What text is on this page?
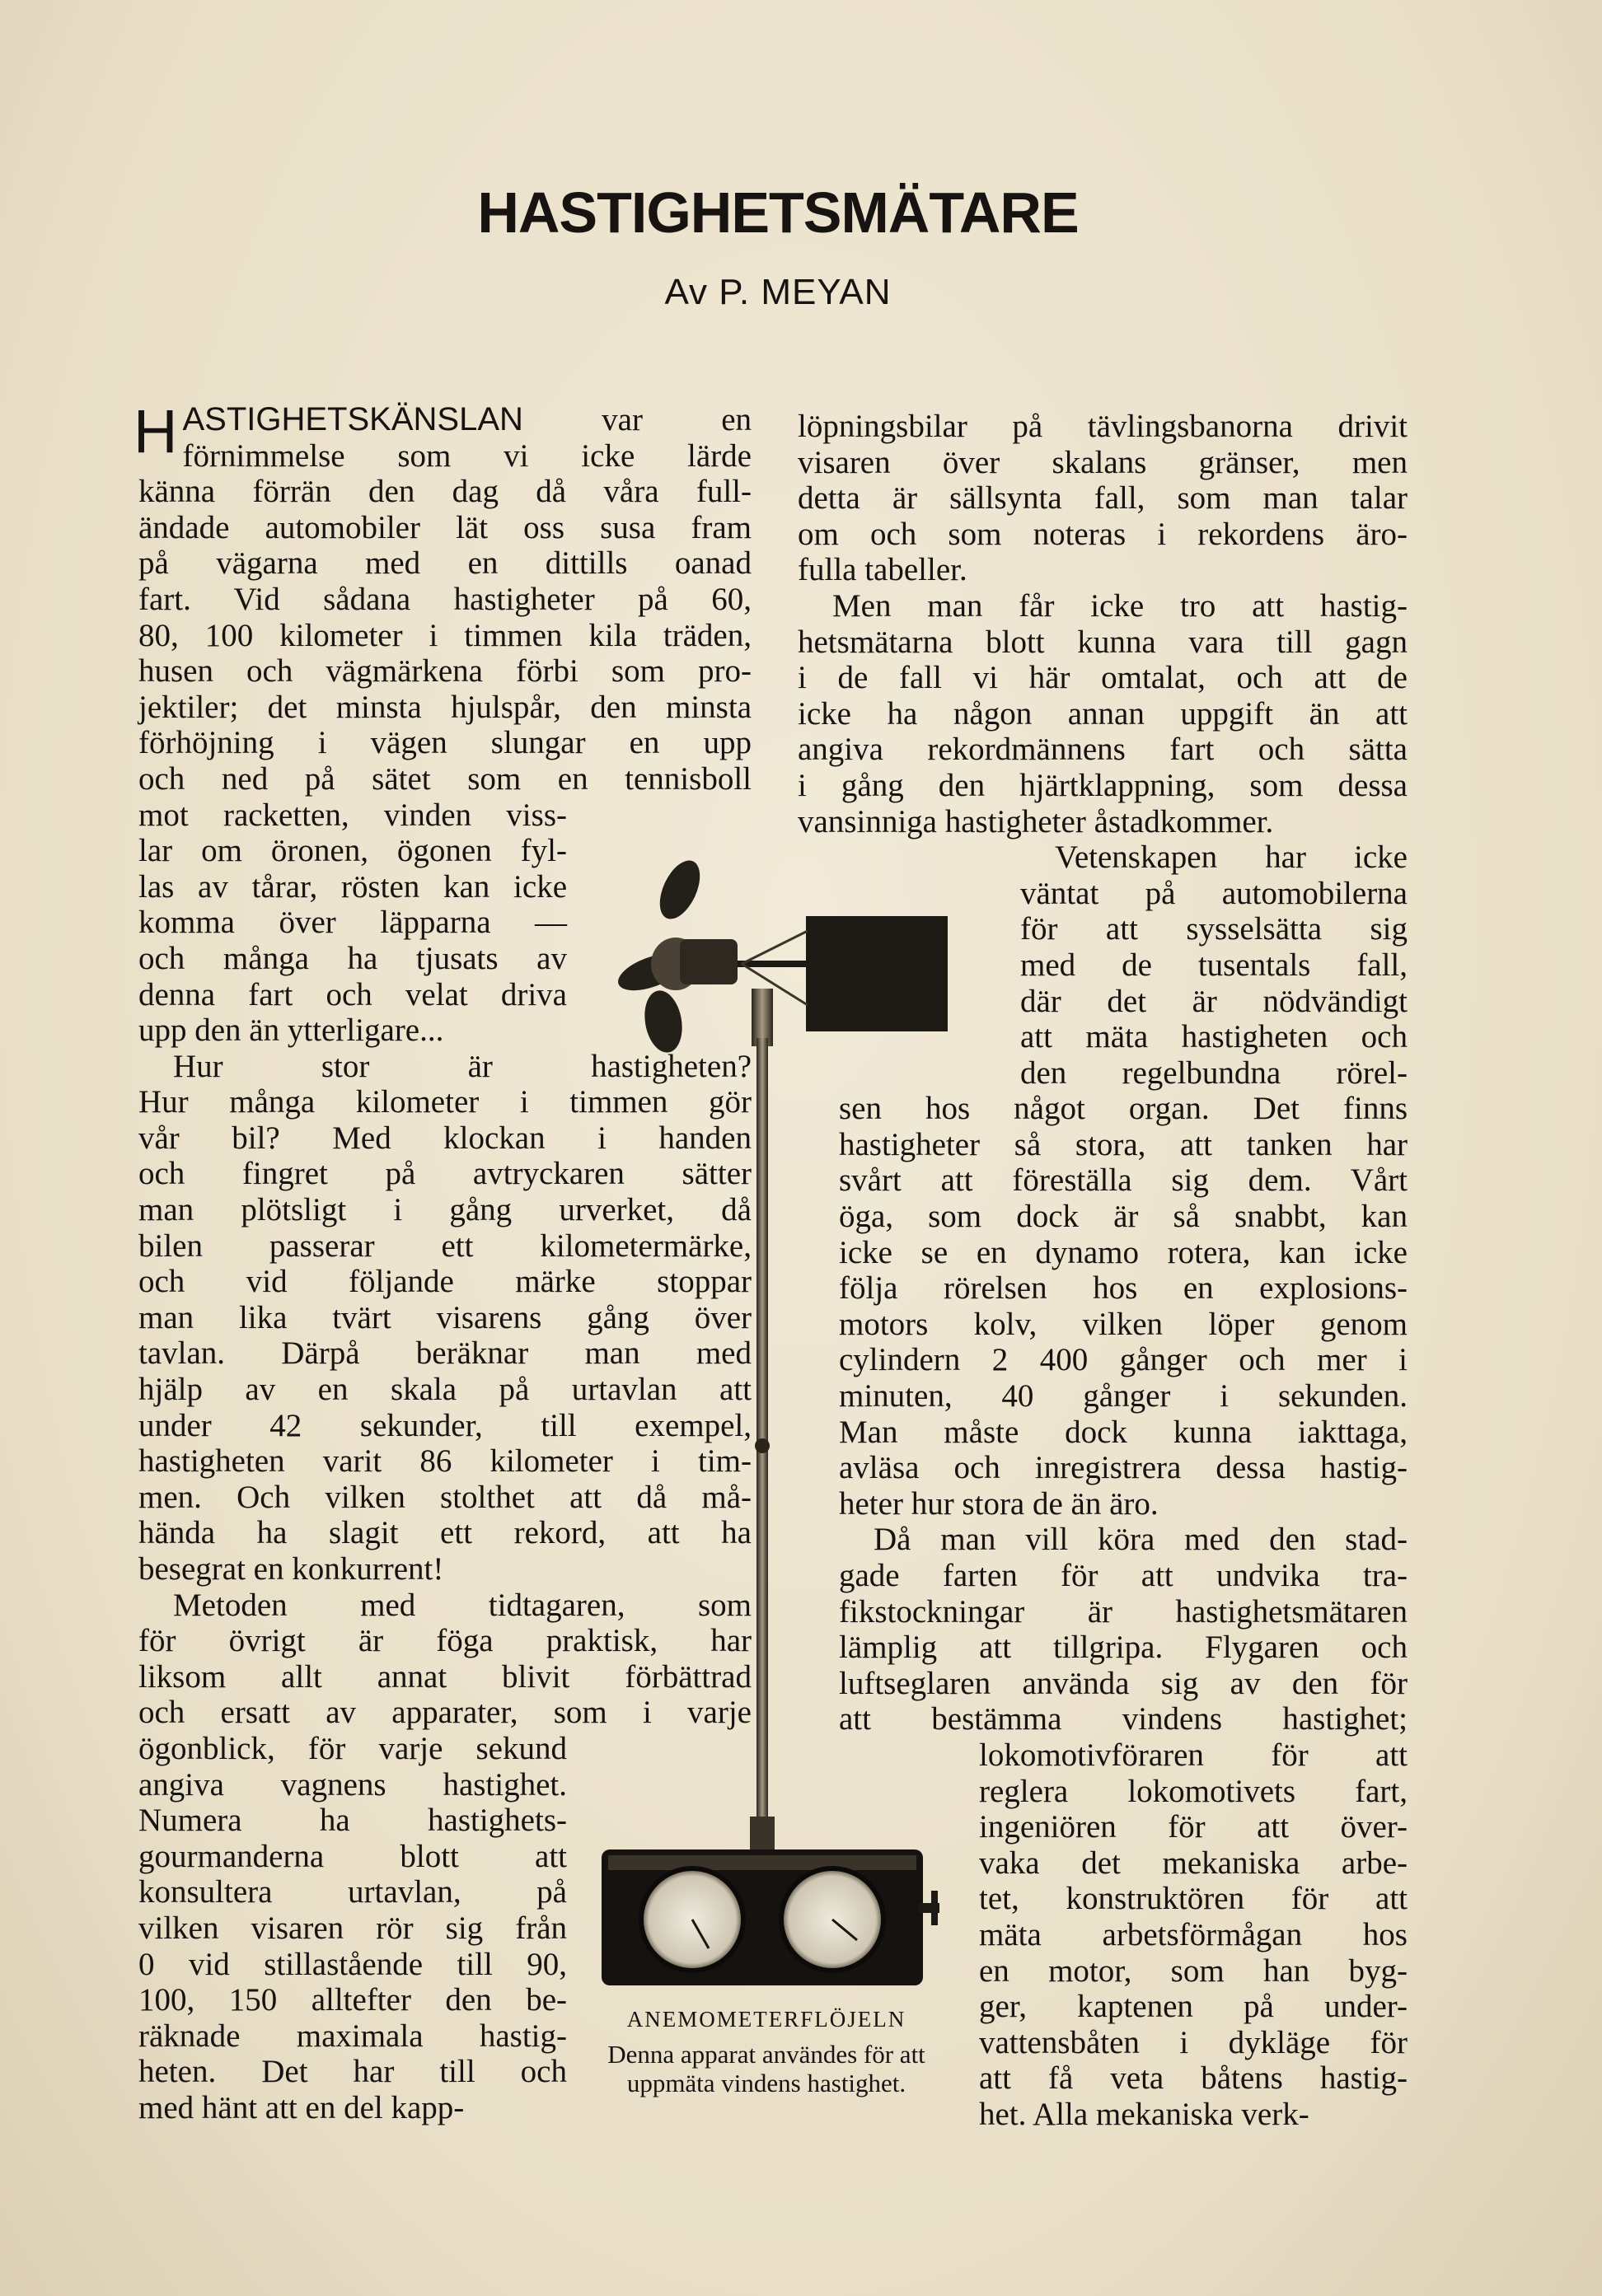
HASTIGHETSMÄTARE
Av P. MEYAN

HASTIGHETSKÄNSLAN var en

förnimmelse som vi icke lärde

känna förrän den dag då våra full-

ändade automobiler lät oss susa fram

på vägarna med en dittills oanad

fart. Vid sådana hastigheter på 60,

80, 100 kilometer i timmen kila träden,

husen och vägmärkena förbi som pro-

jektiler; det minsta hjulspår, den minsta

förhöjning i vägen slungar en upp

och ned på sätet som en tennisboll

mot racketten, vinden viss-

lar om öronen, ögonen fyl-

las av tårar, rösten kan icke

komma över läpparna —

och många ha tjusats av

denna fart och velat driva

upp den än ytterligare...

Hur stor är hastigheten?

Hur många kilometer i timmen gör

vår bil? Med klockan i handen

och fingret på avtryckaren sätter

man plötsligt i gång urverket, då

bilen passerar ett kilometermärke,

och vid följande märke stoppar

man lika tvärt visarens gång över

tavlan. Därpå beräknar man med

hjälp av en skala på urtavlan att

under 42 sekunder, till exempel,

hastigheten varit 86 kilometer i tim-

men. Och vilken stolthet att då må-

hända ha slagit ett rekord, att ha

besegrat en konkurrent!

Metoden med tidtagaren, som

för övrigt är föga praktisk, har

liksom allt annat blivit förbättrad

och ersatt av apparater, som i varje

ögonblick, för varje sekund

angiva vagnens hastighet.

Numera ha hastighets-

gourmanderna blott att

konsultera urtavlan, på

vilken visaren rör sig från

0 vid stillastående till 90,

100, 150 alltefter den be-

räknade maximala hastig-

heten. Det har till och

med hänt att en del kapp-

löpningsbilar på tävlingsbanorna drivit

visaren över skalans gränser, men

detta är sällsynta fall, som man talar

om och som noteras i rekordens äro-

fulla tabeller.

Men man får icke tro att hastig-

hetsmätarna blott kunna vara till gagn

i de fall vi här omtalat, och att de

icke ha någon annan uppgift än att

angiva rekordmännens fart och sätta

i gång den hjärtklappning, som dessa

vansinniga hastigheter åstadkommer.

Vetenskapen har icke

väntat på automobilerna

för att sysselsätta sig

med de tusentals fall,

där det är nödvändigt

att mäta hastigheten och

den regelbundna rörel-

sen hos något organ. Det finns

hastigheter så stora, att tanken har

svårt att föreställa sig dem. Vårt

öga, som dock är så snabbt, kan

icke se en dynamo rotera, kan icke

följa rörelsen hos en explosions-

motors kolv, vilken löper genom

cylindern 2 400 gånger och mer i

minuten, 40 gånger i sekunden.

Man måste dock kunna iakttaga,

avläsa och inregistrera dessa hastig-

heter hur stora de än äro.

Då man vill köra med den stad-

gade farten för att undvika tra-

fikstockningar är hastighetsmätaren

lämplig att tillgripa. Flygaren och

luftseglaren använda sig av den för

att bestämma vindens hastighet;

lokomotivföraren för att

reglera lokomotivets fart,

ingeniören för att över-

vaka det mekaniska arbe-

tet, konstruktören för att

mäta arbetsförmågan hos

en motor, som han byg-

ger, kaptenen på under-

vattensbåten i dykläge för

att få veta båtens hastig-

het. Alla mekaniska verk-

ANEMOMETERFLÖJELN
Denna apparat användes för att uppmäta vindens hastighet.
